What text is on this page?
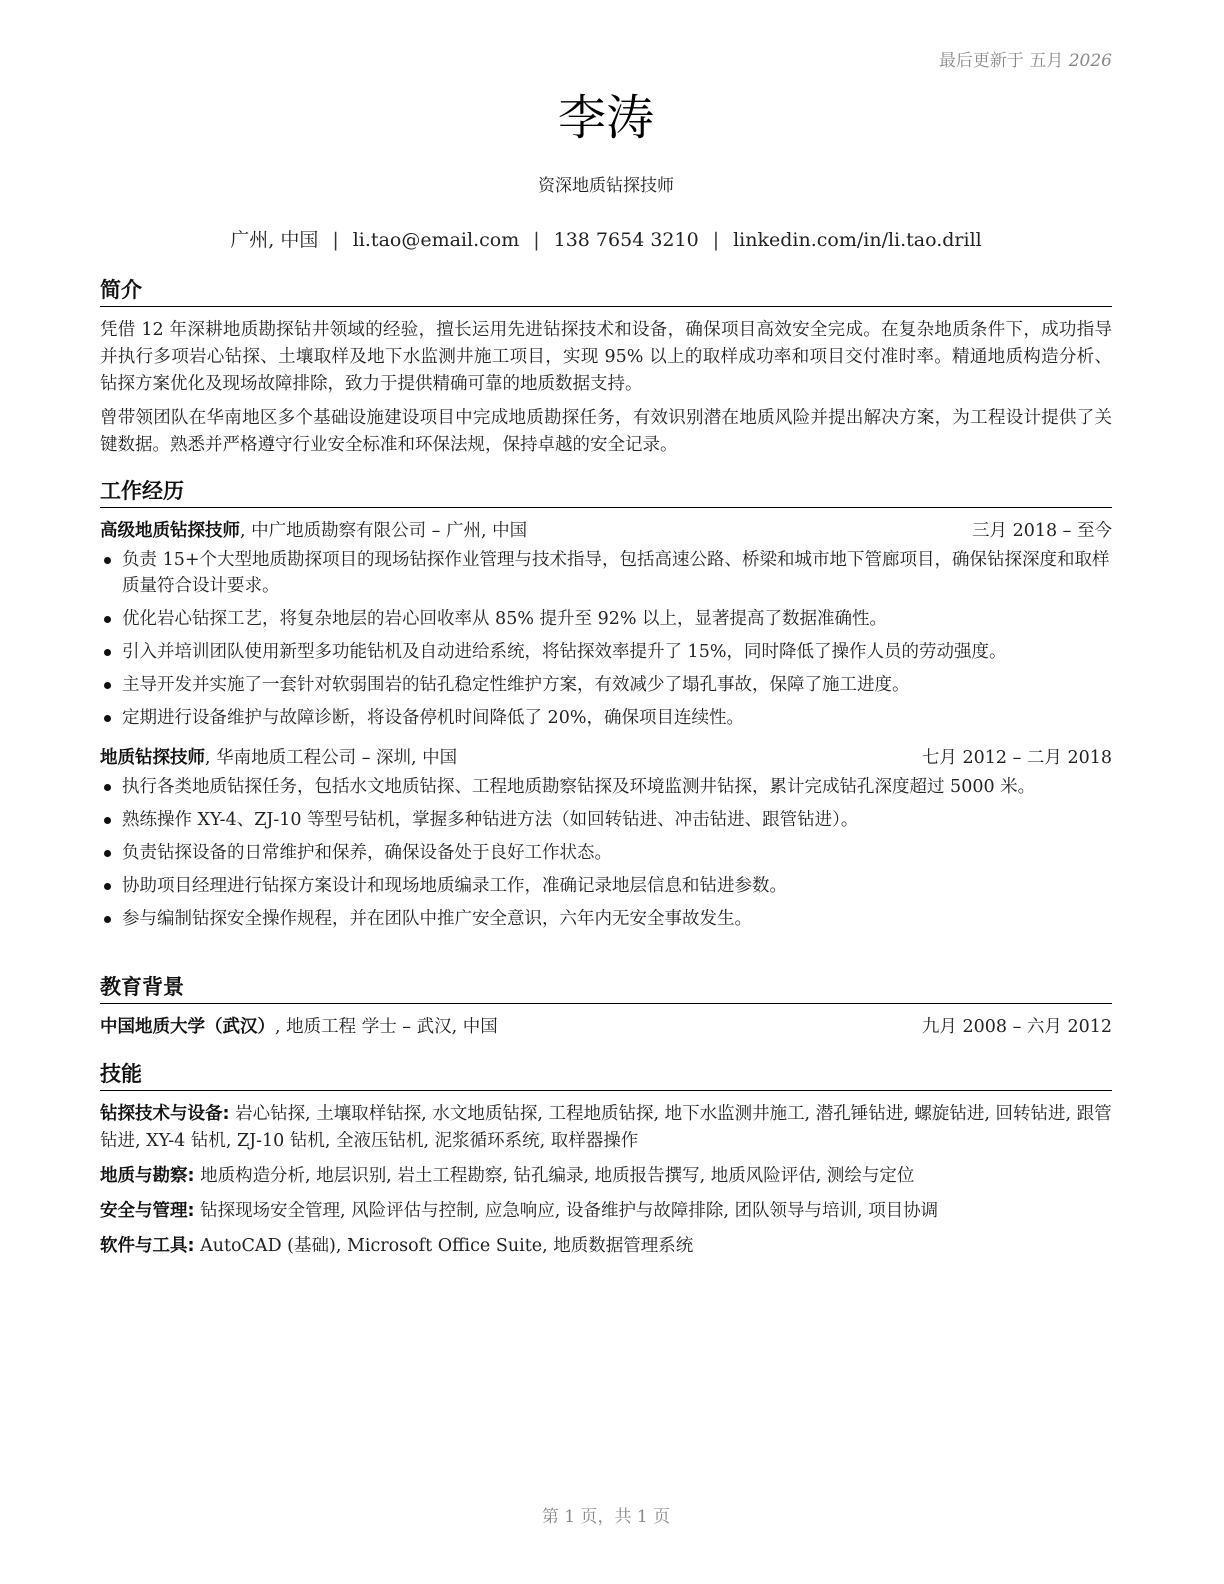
最后更新于 五月 2026
李涛
资深地质钻探技师
广州, 中国 | li.tao@email.com | 138 7654 3210 | linkedin.com/in/li.tao.drill
简介

凭借 12 年深耕地质勘探钻井领域的经验，擅长运用先进钻探技术和设备，确保项目高效安全完成。在复杂地质条件下，成功指导并执行多项岩心钻探、土壤取样及地下水监测井施工项目，实现 95% 以上的取样成功率和项目交付准时率。精通地质构造分析、钻探方案优化及现场故障排除，致力于提供精确可靠的地质数据支持。

曾带领团队在华南地区多个基础设施建设项目中完成地质勘探任务，有效识别潜在地质风险并提出解决方案，为工程设计提供了关键数据。熟悉并严格遵守行业安全标准和环保法规，保持卓越的安全记录。

工作经历
高级地质钻探技师, 中广地质勘察有限公司 – 广州, 中国	三月 2018 – 至今
负责 15+个大型地质勘探项目的现场钻探作业管理与技术指导，包括高速公路、桥梁和城市地下管廊项目，确保钻探深度和取样质量符合设计要求。
优化岩心钻探工艺，将复杂地层的岩心回收率从 85% 提升至 92% 以上，显著提高了数据准确性。
引入并培训团队使用新型多功能钻机及自动进给系统，将钻探效率提升了 15%，同时降低了操作人员的劳动强度。
主导开发并实施了一套针对软弱围岩的钻孔稳定性维护方案，有效减少了塌孔事故，保障了施工进度。
定期进行设备维护与故障诊断，将设备停机时间降低了 20%，确保项目连续性。
地质钻探技师, 华南地质工程公司 – 深圳, 中国	七月 2012 – 二月 2018
执行各类地质钻探任务，包括水文地质钻探、工程地质勘察钻探及环境监测井钻探，累计完成钻孔深度超过 5000 米。
熟练操作 XY-4、ZJ-10 等型号钻机，掌握多种钻进方法（如回转钻进、冲击钻进、跟管钻进）。
负责钻探设备的日常维护和保养，确保设备处于良好工作状态。
协助项目经理进行钻探方案设计和现场地质编录工作，准确记录地层信息和钻进参数。
参与编制钻探安全操作规程，并在团队中推广安全意识，六年内无安全事故发生。
教育背景
中国地质大学（武汉）, 地质工程 学士 – 武汉, 中国	九月 2008 – 六月 2012
技能
钻探技术与设备: 岩心钻探, 土壤取样钻探, 水文地质钻探, 工程地质钻探, 地下水监测井施工, 潜孔锤钻进, 螺旋钻进, 回转钻进, 跟管钻进, XY-4 钻机, ZJ-10 钻机, 全液压钻机, 泥浆循环系统, 取样器操作
地质与勘察: 地质构造分析, 地层识别, 岩土工程勘察, 钻孔编录, 地质报告撰写, 地质风险评估, 测绘与定位
安全与管理: 钻探现场安全管理, 风险评估与控制, 应急响应, 设备维护与故障排除, 团队领导与培训, 项目协调
软件与工具: AutoCAD (基础), Microsoft Office Suite, 地质数据管理系统
第 1 页，共 1 页
